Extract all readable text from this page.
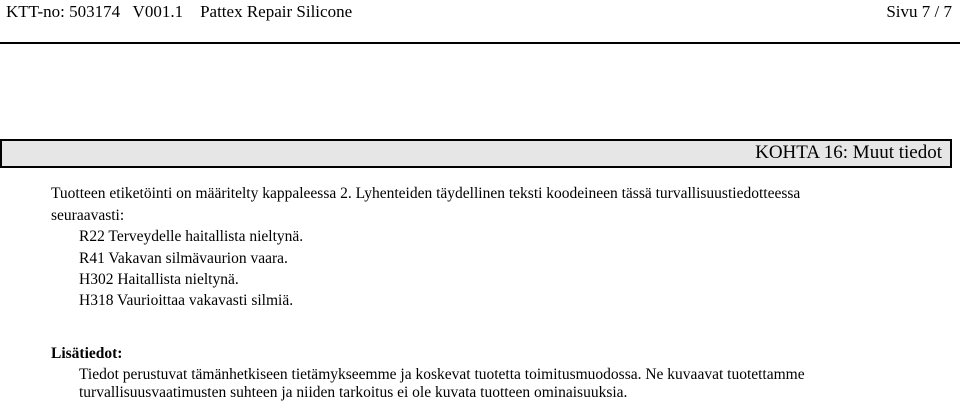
KTT-no: 503174   V001.1    Pattex Repair Silicone	Sivu 7 / 7
KOHTA 16: Muut tiedot
Tuotteen etiketöinti on määritelty kappaleessa 2. Lyhenteiden täydellinen teksti koodeineen tässä turvallisuustiedotteessa
seuraavasti:
R22 Terveydelle haitallista nieltynä.
R41 Vakavan silmävaurion vaara.
H302 Haitallista nieltynä.
H318 Vaurioittaa vakavasti silmiä.
Lisätiedot:
Tiedot perustuvat tämänhetkiseen tietämykseemme ja koskevat tuotetta toimitusmuodossa. Ne kuvaavat tuotettamme
turvallisuusvaatimusten suhteen ja niiden tarkoitus ei ole kuvata tuotteen ominaisuuksia.
